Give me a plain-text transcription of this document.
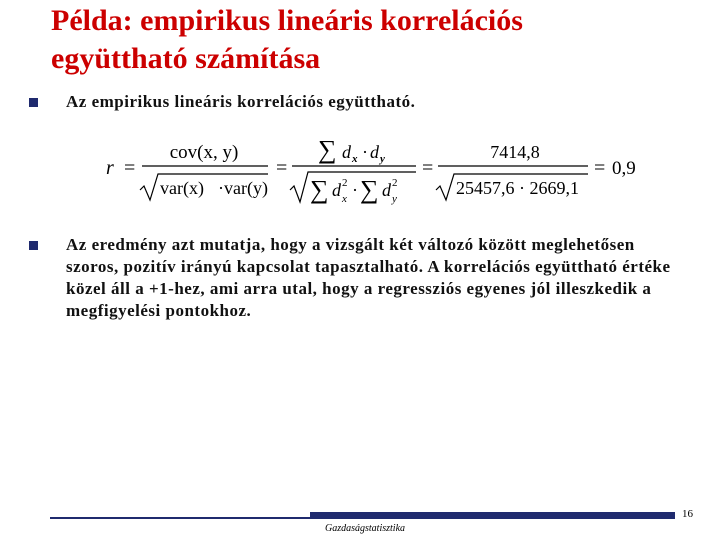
Példa: empirikus lineáris korrelációs
együttható számítása
Az empirikus lineáris korrelációs együttható.
r =
cov(x, y)
var(x) · var(y)
=
∑ d x · d y
∑ d 2
x · ∑ d 2
y
=
7414,8
25457,6 · 2669,1
= 0,9
Az eredmény azt mutatja, hogy a vizsgált két változó között meglehetősen szoros, pozitív irányú kapcsolat tapasztalható. A korrelációs együttható értéke közel áll a +1-hez, ami arra utal, hogy a regressziós egyenes jól illeszkedik a megfigyelési pontokhoz.
Gazdaságstatisztika
16
